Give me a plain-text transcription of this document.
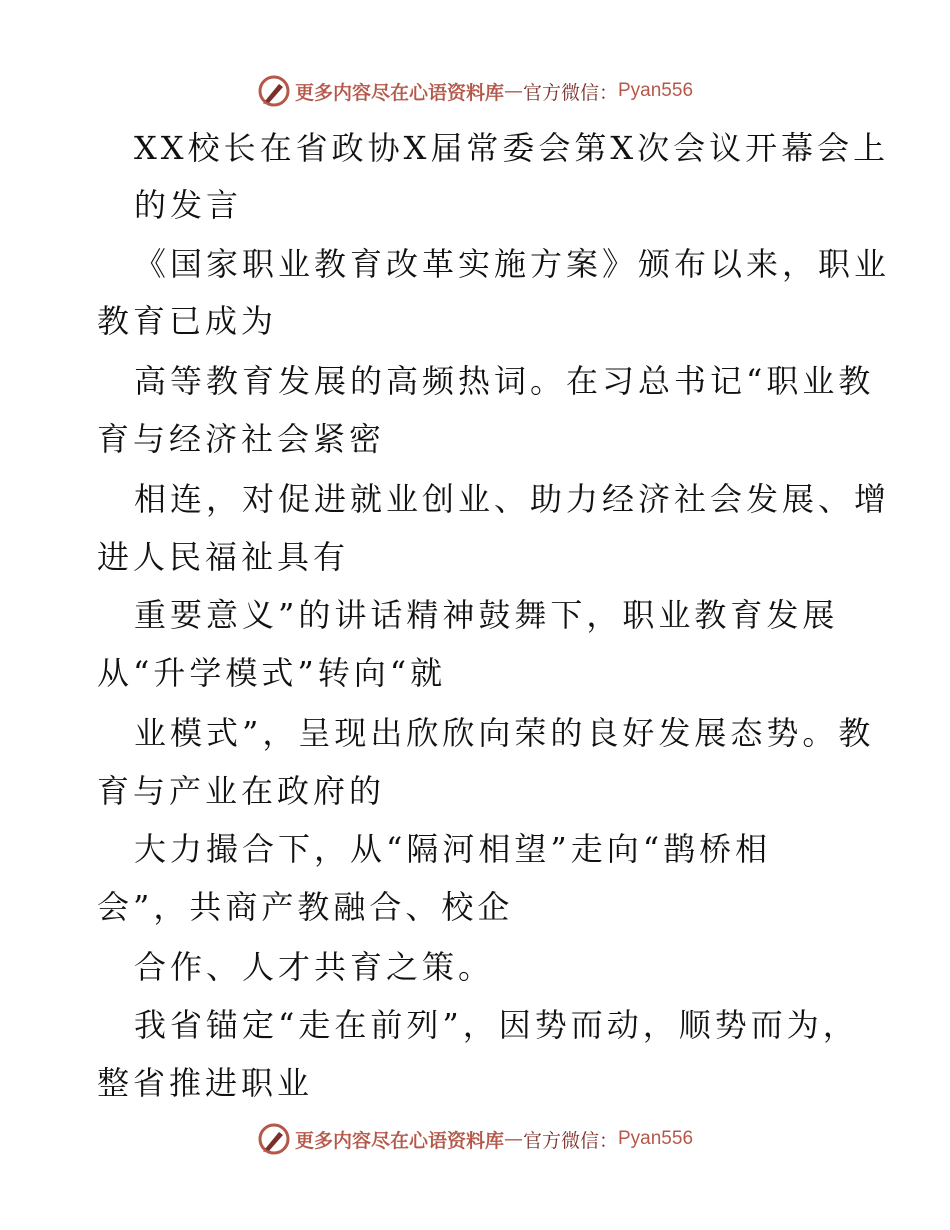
更多内容尽在心语资料库 — 官方微信： Pyan556
XX校长在省政协X届常委会第X次会议开幕会上
的发言
《国家职业教育改革实施方案》颁布以来，职业
教育已成为
高等教育发展的高频热词。在习总书记“职业教
育与经济社会紧密
相连，对促进就业创业、助力经济社会发展、增
进人民福祉具有
重要意义”的讲话精神鼓舞下，职业教育发展
从“升学模式”转向“就
业模式”，呈现出欣欣向荣的良好发展态势。教
育与产业在政府的
大力撮合下，从“隔河相望”走向“鹊桥相
会”，共商产教融合、校企
合作、人才共育之策。
我省锚定“走在前列”，因势而动，顺势而为，
整省推进职业
更多内容尽在心语资料库 — 官方微信： Pyan556
